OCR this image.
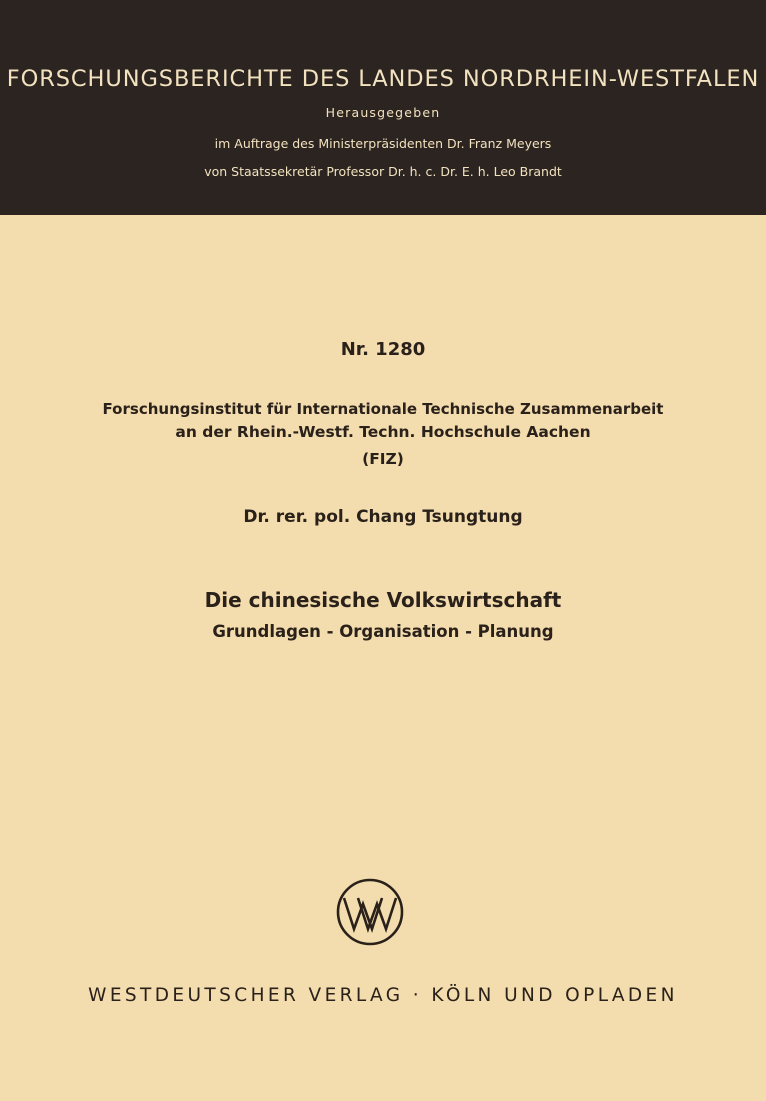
FORSCHUNGSBERICHTE DES LANDES NORDRHEIN-WESTFALEN
Herausgegeben
im Auftrage des Ministerpräsidenten Dr. Franz Meyers
von Staatssekretär Professor Dr. h. c. Dr. E. h. Leo Brandt
Nr. 1280
Forschungsinstitut für Internationale Technische Zusammenarbeit
an der Rhein.-Westf. Techn. Hochschule Aachen
(FIZ)
Dr. rer. pol. Chang Tsungtung
Die chinesische Volkswirtschaft
Grundlagen - Organisation - Planung
WESTDEUTSCHER VERLAG · KÖLN UND OPLADEN
